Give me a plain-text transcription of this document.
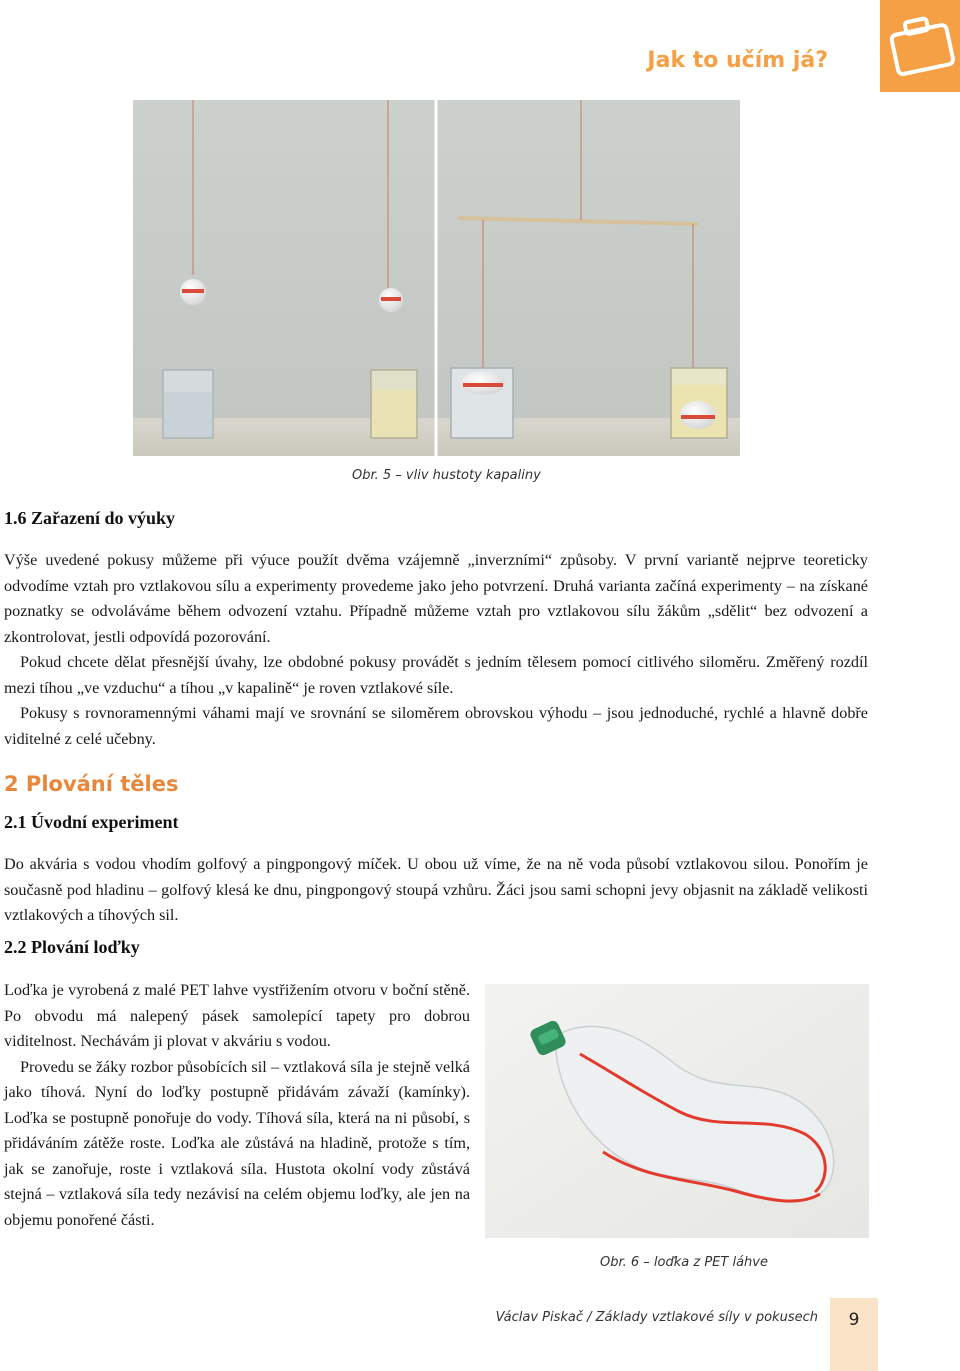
Jak to učím já?
Obr. 5 – vliv hustoty kapaliny
1.6 Zařazení do výuky

Výše uvedené pokusy můžeme při výuce použít dvěma vzájemně „inverzními“ způsoby. V první variantě nejprve teoreticky odvodíme vztah pro vztlakovou sílu a experimenty provedeme jako jeho potvrzení. Druhá varianta začíná experimenty – na získané poznatky se odvoláváme během odvození vztahu. Případně můžeme vztah pro vztlakovou sílu žákům „sdělit“ bez odvození a zkontrolovat, jestli odpovídá pozorování.

Pokud chcete dělat přesnější úvahy, lze obdobné pokusy provádět s jedním tělesem pomocí citlivého siloměru. Změřený rozdíl mezi tíhou „ve vzduchu“ a tíhou „v kapalině“ je roven vztlakové síle.

Pokusy s rovnoramennými váhami mají ve srovnání se siloměrem obrovskou výhodu – jsou jednoduché, rychlé a hlavně dobře viditelné z celé učebny.

2 Plování těles
2.1 Úvodní experiment

Do akvária s vodou vhodím golfový a pingpongový míček. U obou už víme, že na ně voda působí vztlakovou silou. Ponořím je současně pod hladinu – golfový klesá ke dnu, pingpongový stoupá vzhůru. Žáci jsou sami schopni jevy objasnit na základě velikosti vztlakových a tíhových sil.

2.2 Plování loďky

Loďka je vyrobená z malé PET lahve vystřižením otvoru v boční stěně. Po obvodu má nalepený pásek samolepící tapety pro dobrou viditelnost. Nechávám ji plovat v akváriu s vodou.

Provedu se žáky rozbor působících sil – vztlaková síla je stejně velká jako tíhová. Nyní do loďky postupně přidávám závaží (kamínky). Loďka se postupně ponořuje do vody. Tíhová síla, která na ni působí, s přidáváním zátěže roste. Loďka ale zůstává na hladině, protože s tím, jak se zanořuje, roste i vztlaková síla. Hustota okolní vody zůstává stejná – vztlaková síla tedy nezávisí na celém objemu loďky, ale jen na objemu ponořené části.

Obr. 6 – loďka z PET láhve
Václav Piskač / Základy vztlakové síly v pokusech	9
